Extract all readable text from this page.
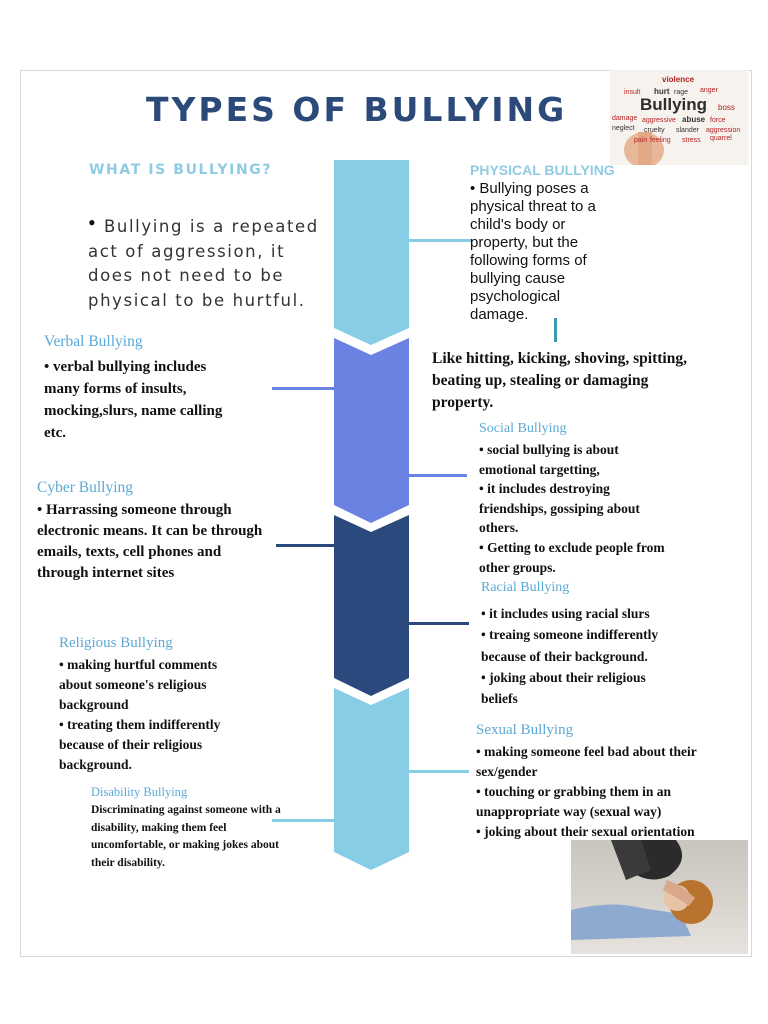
TYPES OF BULLYING
violence
insult hurt rage anger
Bullying boss
damage aggressive abuse force
neglect cruelty slander aggression
pain feeling stress quarrel
WHAT IS BULLYING?
• Bullying is a repeated
act of aggression, it
does not need to be
physical to be hurtful.
PHYSICAL BULLYING
• Bullying poses a
physical threat to a
child's body or
property, but the
following forms of
bullying cause
psychological
damage.
Like hitting, kicking, shoving, spitting,
beating up, stealing or damaging
property.
Verbal Bullying
• verbal bullying includes
many forms of insults,
mocking,slurs, name calling
etc.	Social Bullying
• social bullying is about
emotional targetting,
• it includes destroying
friendships, gossiping about
others.
• Getting to exclude people from
other groups.
Cyber Bullying
• Harrassing someone through
electronic means. It can be through
emails, texts, cell phones and
through internet sites
Racial Bullying
• it includes using racial slurs
• treaing someone indifferently
because of their background.
• joking about their religious
beliefs
Religious Bullying
• making hurtful comments
about someone's religious
background
• treating them indifferently
because of their religious
background.
Sexual Bullying
• making someone feel bad about their
sex/gender
• touching or grabbing them in an
unappropriate way (sexual way)
• joking about their sexual orientation
Disability Bullying
Discriminating against someone with a
disability, making them feel
uncomfortable, or making jokes about
their disability.
